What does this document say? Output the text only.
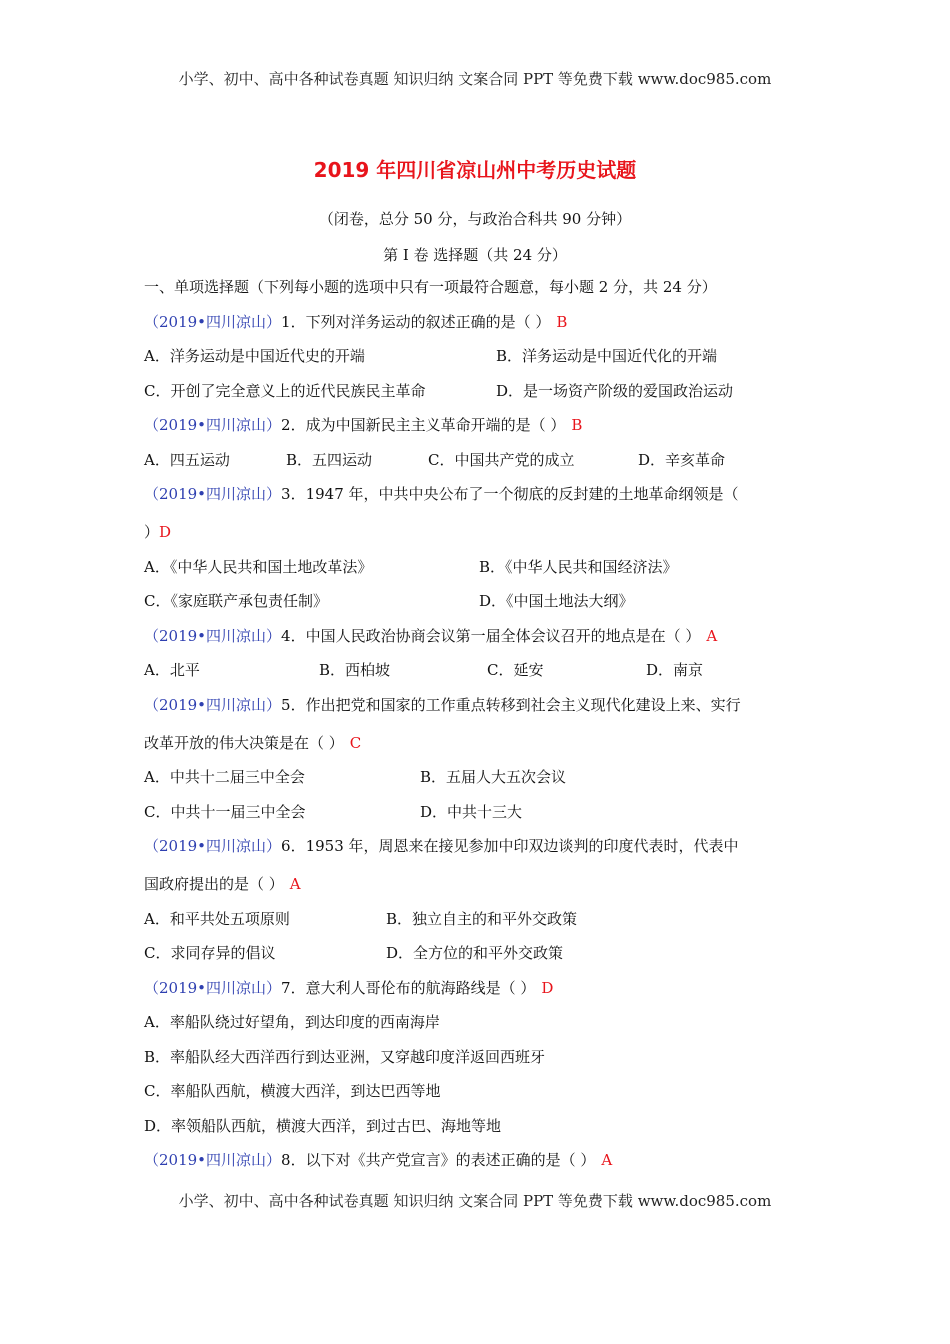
小学、初中、高中各种试卷真题 知识归纳 文案合同 PPT 等免费下载 www.doc985.com
2019 年四川省凉山州中考历史试题
（闭卷，总分 50 分，与政治合科共 90 分钟）
第 I 卷 选择题（共 24 分）
一、单项选择题（下列每小题的选项中只有一项最符合题意，每小题 2 分，共 24 分）
（2019•四川凉山）1．下列对洋务运动的叙述正确的是（ ） B
A．洋务运动是中国近代史的开端	B．洋务运动是中国近代化的开端
C．开创了完全意义上的近代民族民主革命	D．是一场资产阶级的爱国政治运动
（2019•四川凉山）2．成为中国新民主主义革命开端的是（ ） B
A．四五运动	B．五四运动	C．中国共产党的成立	D．辛亥革命
（2019•四川凉山）3．1947 年，中共中央公布了一个彻底的反封建的土地革命纲领是（
）D
A．《中华人民共和国土地改革法》	B．《中华人民共和国经济法》
C．《家庭联产承包责任制》	D．《中国土地法大纲》
（2019•四川凉山）4．中国人民政治协商会议第一届全体会议召开的地点是在（ ） A
A．北平	B．西柏坡	C．延安	D．南京
（2019•四川凉山）5．作出把党和国家的工作重点转移到社会主义现代化建设上来、实行
改革开放的伟大决策是在（ ） C
A．中共十二届三中全会	B．五届人大五次会议
C．中共十一届三中全会	D．中共十三大
（2019•四川凉山）6．1953 年，周恩来在接见参加中印双边谈判的印度代表时，代表中
国政府提出的是（ ） A
A．和平共处五项原则	B．独立自主的和平外交政策
C．求同存异的倡议	D．全方位的和平外交政策
（2019•四川凉山）7．意大利人哥伦布的航海路线是（ ） D
A．率船队绕过好望角，到达印度的西南海岸
B．率船队经大西洋西行到达亚洲，又穿越印度洋返回西班牙
C．率船队西航，横渡大西洋，到达巴西等地
D．率领船队西航，横渡大西洋，到过古巴、海地等地
（2019•四川凉山）8．以下对《共产党宣言》的表述正确的是（ ） A
小学、初中、高中各种试卷真题 知识归纳 文案合同 PPT 等免费下载 www.doc985.com
